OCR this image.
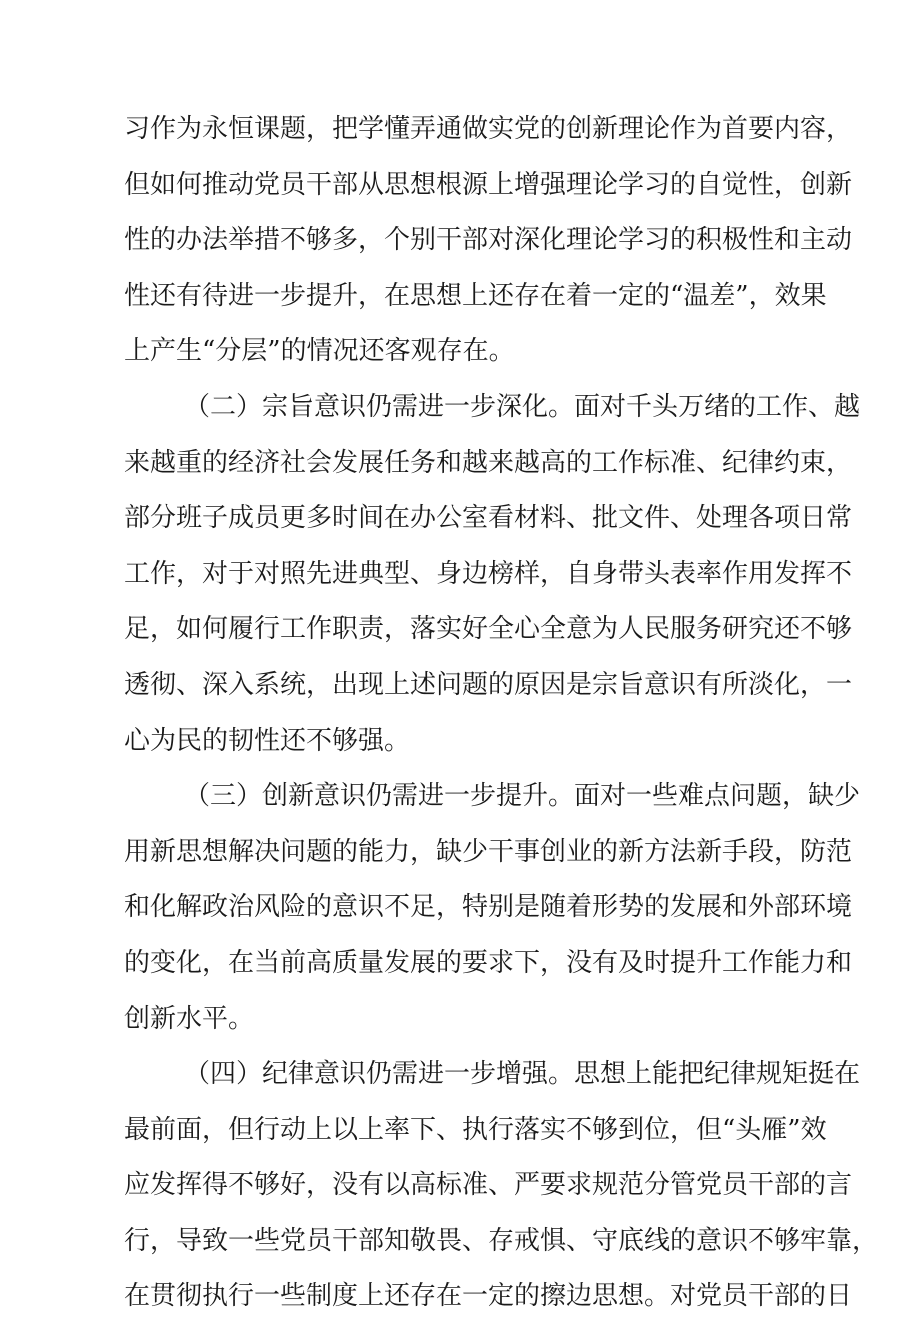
习作为永恒课题，把学懂弄通做实党的创新理论作为首要内容，
但如何推动党员干部从思想根源上增强理论学习的自觉性，创新
性的办法举措不够多，个别干部对深化理论学习的积极性和主动
性还有待进一步提升，在思想上还存在着一定的“温差”，效果
上产生“分层”的情况还客观存在。
（二）宗旨意识仍需进一步深化。面对千头万绪的工作、越
来越重的经济社会发展任务和越来越高的工作标准、纪律约束，
部分班子成员更多时间在办公室看材料、批文件、处理各项日常
工作，对于对照先进典型、身边榜样，自身带头表率作用发挥不
足，如何履行工作职责，落实好全心全意为人民服务研究还不够
透彻、深入系统，出现上述问题的原因是宗旨意识有所淡化，一
心为民的韧性还不够强。
（三）创新意识仍需进一步提升。面对一些难点问题，缺少
用新思想解决问题的能力，缺少干事创业的新方法新手段，防范
和化解政治风险的意识不足，特别是随着形势的发展和外部环境
的变化，在当前高质量发展的要求下，没有及时提升工作能力和
创新水平。
（四）纪律意识仍需进一步增强。思想上能把纪律规矩挺在
最前面，但行动上以上率下、执行落实不够到位，但“头雁”效
应发挥得不够好，没有以高标准、严要求规范分管党员干部的言
行，导致一些党员干部知敬畏、存戒惧、守底线的意识不够牢靠，
在贯彻执行一些制度上还存在一定的擦边思想。对党员干部的日
